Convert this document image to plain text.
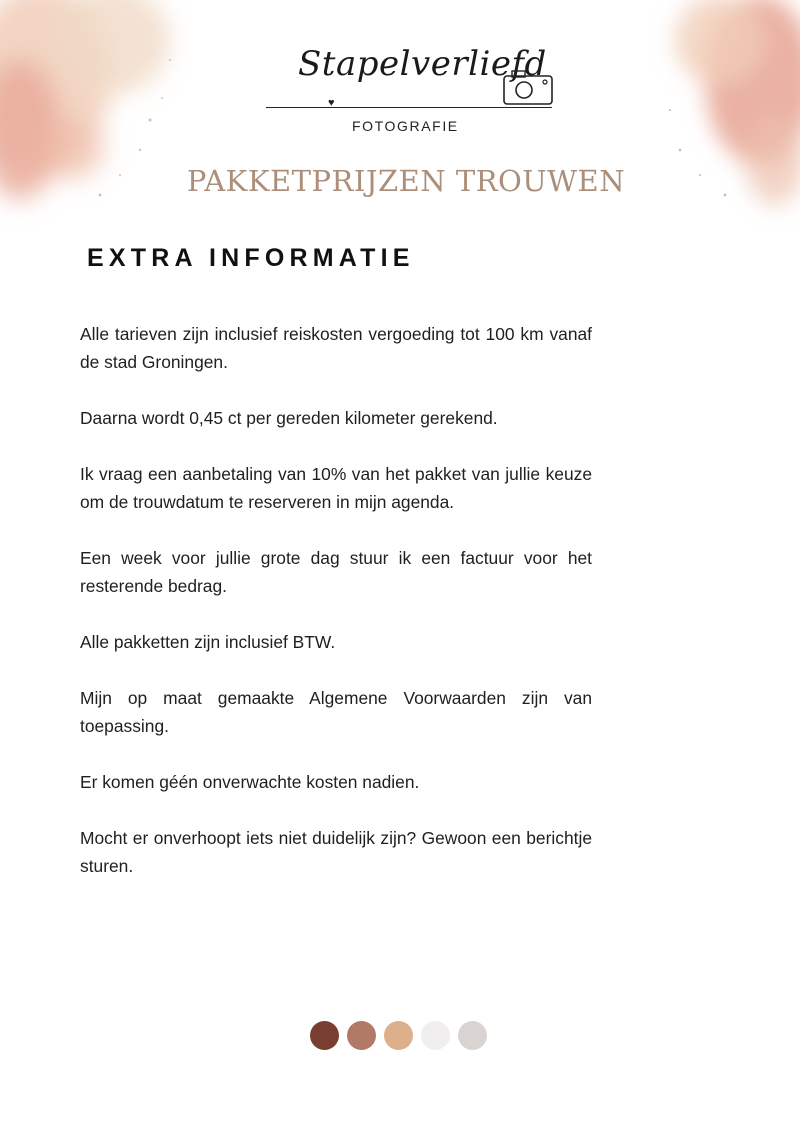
Stapelverliefd
♥
FOTOGRAFIE
PAKKETPRIJZEN TROUWEN
EXTRA INFORMATIE

Alle tarieven zijn inclusief reiskosten vergoeding tot 100 km vanaf de stad Groningen.

Daarna wordt 0,45 ct per gereden kilometer gerekend.

Ik vraag een aanbetaling van 10% van het pakket van jullie keuze om de trouwdatum te reserveren in mijn agenda.

Een week voor jullie grote dag stuur ik een factuur voor het resterende bedrag.

Alle pakketten zijn inclusief BTW.

Mijn op maat gemaakte Algemene Voorwaarden zijn van toepassing.

Er komen géén onverwachte kosten nadien.

Mocht er onverhoopt iets niet duidelijk zijn? Gewoon een berichtje sturen.
